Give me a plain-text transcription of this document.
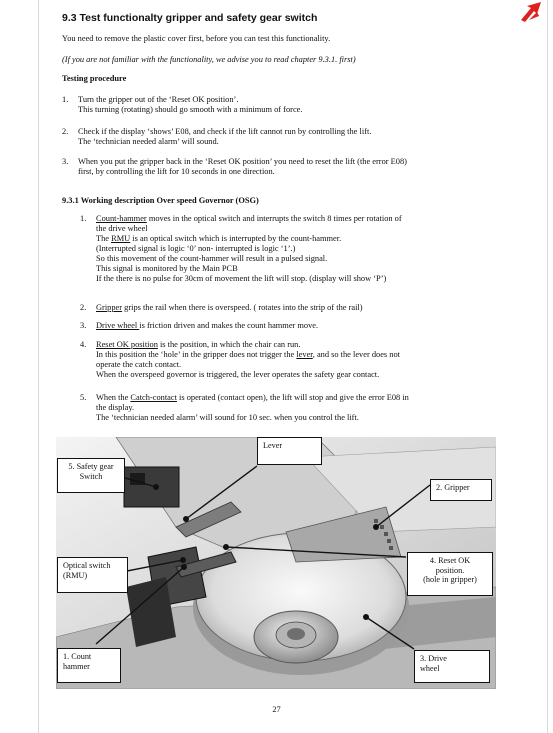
9.3 Test functionalty gripper and safety gear switch
You need to remove the plastic cover first, before you can test this functionality.
(If you are not familiar with the functionality, we advise you to read chapter 9.3.1. first)
Testing procedure
1. Turn the gripper out of the ‘Reset OK position’.
This turning (rotating) should go smooth with a minimum of force.
2. Check if the display ‘shows’ E08, and check if the lift cannot run by controlling the lift.
The ‘technician needed alarm’ will sound.
3. When you put the gripper back in the ‘Reset OK position’ you need to reset the lift (the error E08)
first, by controlling the lift for 10 seconds in one direction.
9.3.1 Working description Over speed Governor (OSG)
1. Count-hammer moves in the optical switch and interrupts the switch 8 times per rotation of
the drive wheel
The RMU is an optical switch which is interrupted by the count-hammer.
(Interrupted signal is logic ‘0’ non- interrupted is logic ‘1’.)
So this movement of the count-hammer will result in a pulsed signal.
This signal is monitored by the Main PCB
If the there is no pulse for 30cm of movement the lift will stop. (display will show ‘P’)
2. Gripper grips the rail when there is overspeed. ( rotates into the strip of the rail)
3. Drive wheel is friction driven and makes the count hammer move.
4. Reset OK position is the position, in which the chair can run.
In this position the ‘hole’ in the gripper does not trigger the lever, and so the lever does not
operate the catch contact.
When the overspeed governor is triggered, the lever operates the safety gear contact.
5. When the Catch-contact is operated (contact open), the lift will stop and give the error E08 in
the display.
The ‘technician needed alarm’ will sound for 10 sec. when you control the lift.
Lever
5. Safety gear
Switch
2. Gripper
Optical switch
(RMU)
4. Reset OK
position.
(hole in gripper)
1. Count
hammer
3. Drive
wheel
27
